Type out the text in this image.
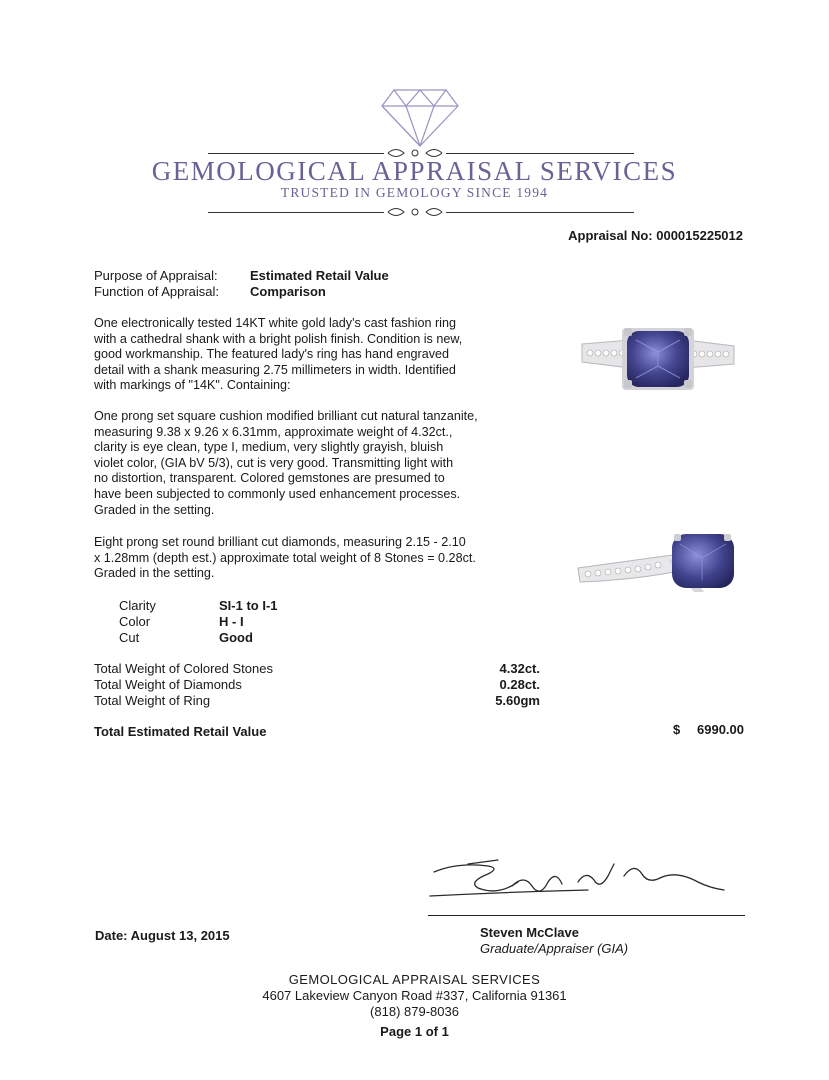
GEMOLOGICAL APPRAISAL SERVICES
TRUSTED IN GEMOLOGY SINCE 1994
Appraisal No: 000015225012
Purpose of Appraisal: Estimated Retail Value
Function of Appraisal: Comparison
One electronically tested 14KT white gold lady's cast fashion ring
with a cathedral shank with a bright polish finish. Condition is new,
good workmanship. The featured lady's ring has hand engraved
detail with a shank measuring 2.75 millimeters in width. Identified
with markings of "14K". Containing:
One prong set square cushion modified brilliant cut natural tanzanite,
measuring 9.38 x 9.26 x 6.31mm, approximate weight of 4.32ct.,
clarity is eye clean, type I, medium, very slightly grayish, bluish
violet color, (GIA bV 5/3), cut is very good. Transmitting light with
no distortion, transparent. Colored gemstones are presumed to
have been subjected to commonly used enhancement processes.
Graded in the setting.
Eight prong set round brilliant cut diamonds, measuring 2.15 - 2.10
x 1.28mm (depth est.) approximate total weight of 8 Stones = 0.28ct.
Graded in the setting.
Clarity	SI-1 to I-1
Color	H - I
Cut	Good
Total Weight of Colored Stones	4.32ct.
Total Weight of Diamonds	0.28ct.
Total Weight of Ring	5.60gm
Total Estimated Retail Value	$ 6990.00
Date: August 13, 2015	Steven McClave
Graduate/Appraiser (GIA)
GEMOLOGICAL APPRAISAL SERVICES
4607 Lakeview Canyon Road #337, California 91361
(818) 879-8036
Page 1 of 1
